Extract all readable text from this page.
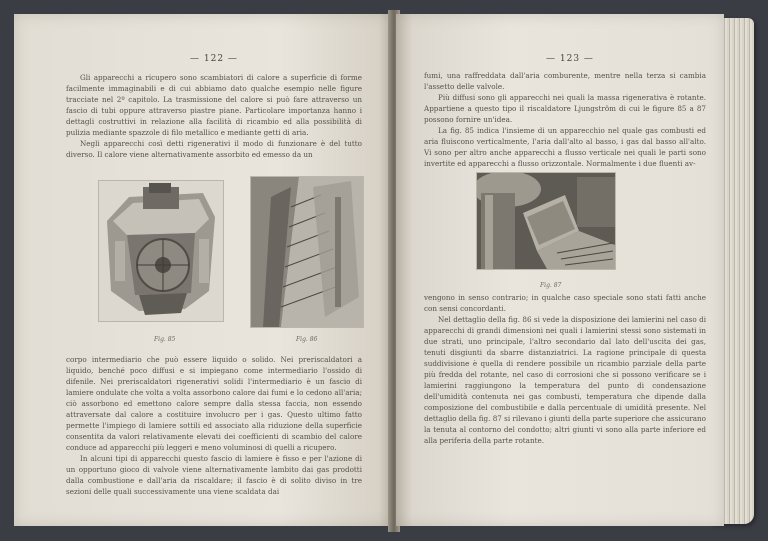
— 122 —

Gli apparecchi a ricupero sono scambiatori di calore a superficie di forme facilmente immaginabili e di cui abbiamo dato qualche esempio nelle figure tracciate nel 2º capitolo. La trasmissione del calore si può fare attraverso un fascio di tubi oppure attraverso piastre piane. Particolare importanza hanno i dettagli costruttivi in relazione alla facilità di ricambio ed alla possibilità di pulizia mediante spazzole di filo metallico e mediante getti di aria.

Negli apparecchi così detti rigenerativi il modo di funzionare è del tutto diverso. Il calore viene alternativamente assorbito ed emesso da un

Fig. 85	Fig. 86

corpo intermediario che può essere liquido o solido. Nei preriscaldatori a liquido, benché poco diffusi e si impiegano come intermediario l'ossido di difenile. Nei preriscaldatori rigenerativi solidi l'intermediario è un fascio di lamiere ondulate che volta a volta assorbono calore dai fumi e lo cedono all'aria; ciò assorbono ed emettono calore sempre dalla stessa faccia, non essendo attraversate dal calore a costituire involucro per i gas. Questo ultimo fatto permette l'impiego di lamiere sottili ed associato alla riduzione della superficie consentita da valori relativamente elevati dei coefficienti di scambio del calore conduce ad apparecchi più leggeri e meno voluminosi di quelli a ricupero.

In alcuni tipi di apparecchi questo fascio di lamiere è fisso e per l'azione di un opportuno gioco di valvole viene alternativamente lambito dai gas prodotti dalla combustione e dall'aria da riscaldare; il fascio è di solito diviso in tre sezioni delle quali successivamente una viene scaldata dai

— 123 —

fumi, una raffreddata dall'aria comburente, mentre nella terza si cambia l'assetto delle valvole.

Più diffusi sono gli apparecchi nei quali la massa rigenerativa è rotante. Appartiene a questo tipo il riscaldatore Ljungström di cui le figure 85 a 87 possono fornire un'idea.

La fig. 85 indica l'insieme di un apparecchio nel quale gas combusti ed aria fluiscono verticalmente, l'aria dall'alto al basso, i gas dal basso all'alto. Vi sono per altro anche apparecchi a flusso verticale nei quali le parti sono invertite ed apparecchi a flusso orizzontale. Normalmente i due fluenti av-

Fig. 87

vengono in senso contrario; in qualche caso speciale sono stati fatti anche con sensi concordanti.

Nel dettaglio della fig. 86 si vede la disposizione dei lamierini nel caso di apparecchi di grandi dimensioni nei quali i lamierini stessi sono sistemati in due strati, uno principale, l'altro secondario dal lato dell'uscita dei gas, tenuti disgiunti da sbarre distanziatrici. La ragione principale di questa suddivisione è quella di rendere possibile un ricambio parziale della parte più fredda del rotante, nel caso di corrosioni che si possono verificare se i lamierini raggiungono la temperatura del punto di condensazione dell'umidità contenuta nei gas combusti, temperatura che dipende dalla composizione del combustibile e dalla percentuale di umidità presente. Nel dettaglio della fig. 87 si rilevano i giunti della parte superiore che assicurano la tenuta al contorno del condotto; altri giunti vi sono alla parte inferiore ed alla periferia della parte rotante.
